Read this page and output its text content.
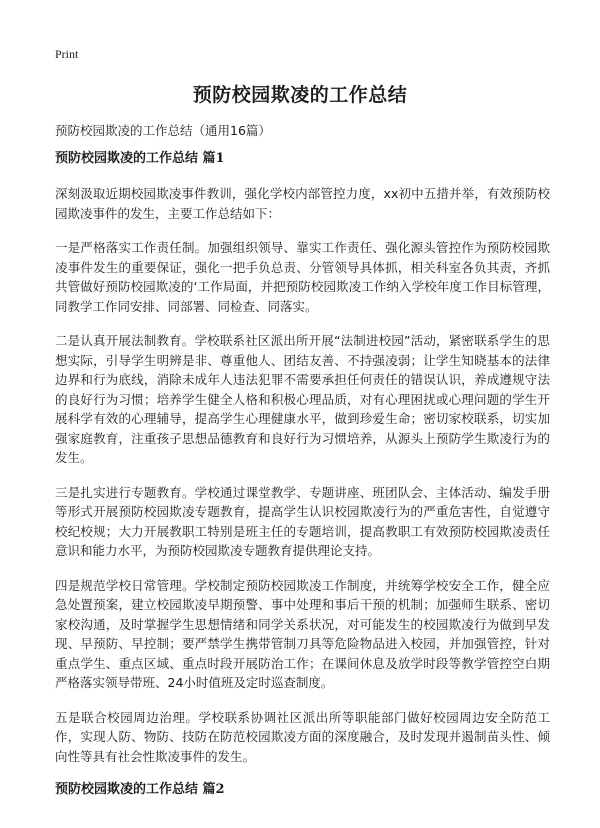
Print
预防校园欺凌的工作总结

预防校园欺凌的工作总结（通用16篇）

预防校园欺凌的工作总结 篇1

深刻汲取近期校园欺凌事件教训，强化学校内部管控力度，xx初中五措并举，有效预防校园欺凌事件的发生，主要工作总结如下：

一是严格落实工作责任制。加强组织领导、靠实工作责任、强化源头管控作为预防校园欺凌事件发生的重要保证，强化一把手负总责、分管领导具体抓，相关科室各负其责，齐抓共管做好预防校园欺凌的‘工作局面，并把预防校园欺凌工作纳入学校年度工作目标管理，同教学工作同安排、同部署、同检查、同落实。

二是认真开展法制教育。学校联系社区派出所开展“法制进校园”活动，紧密联系学生的思想实际，引导学生明辨是非、尊重他人、团结友善、不持强凌弱；让学生知晓基本的法律边界和行为底线，消除未成年人违法犯罪不需要承担任何责任的错误认识，养成遵规守法的良好行为习惯；培养学生健全人格和积极心理品质，对有心理困扰或心理问题的学生开展科学有效的心理辅导，提高学生心理健康水平，做到珍爱生命；密切家校联系，切实加强家庭教育，注重孩子思想品德教育和良好行为习惯培养，从源头上预防学生欺凌行为的发生。

三是扎实进行专题教育。学校通过课堂教学、专题讲座、班团队会、主体活动、编发手册等形式开展预防校园欺凌专题教育，提高学生认识校园欺凌行为的严重危害性，自觉遵守校纪校规；大力开展教职工特别是班主任的专题培训，提高教职工有效预防校园欺凌责任意识和能力水平，为预防校园欺凌专题教育提供理论支持。

四是规范学校日常管理。学校制定预防校园欺凌工作制度，并统筹学校安全工作，健全应急处置预案，建立校园欺凌早期预警、事中处理和事后干预的机制；加强师生联系、密切家校沟通，及时掌握学生思想情绪和同学关系状况，对可能发生的校园欺凌行为做到早发现、早预防、早控制；要严禁学生携带管制刀具等危险物品进入校园，并加强管控，针对重点学生、重点区域、重点时段开展防治工作；在课间休息及放学时段等教学管控空白期严格落实领导带班、24小时值班及定时巡查制度。

五是联合校园周边治理。学校联系协调社区派出所等职能部门做好校园周边安全防范工作，实现人防、物防、技防在防范校园欺凌方面的深度融合，及时发现并遏制苗头性、倾向性等具有社会性欺凌事件的发生。

预防校园欺凌的工作总结 篇2
